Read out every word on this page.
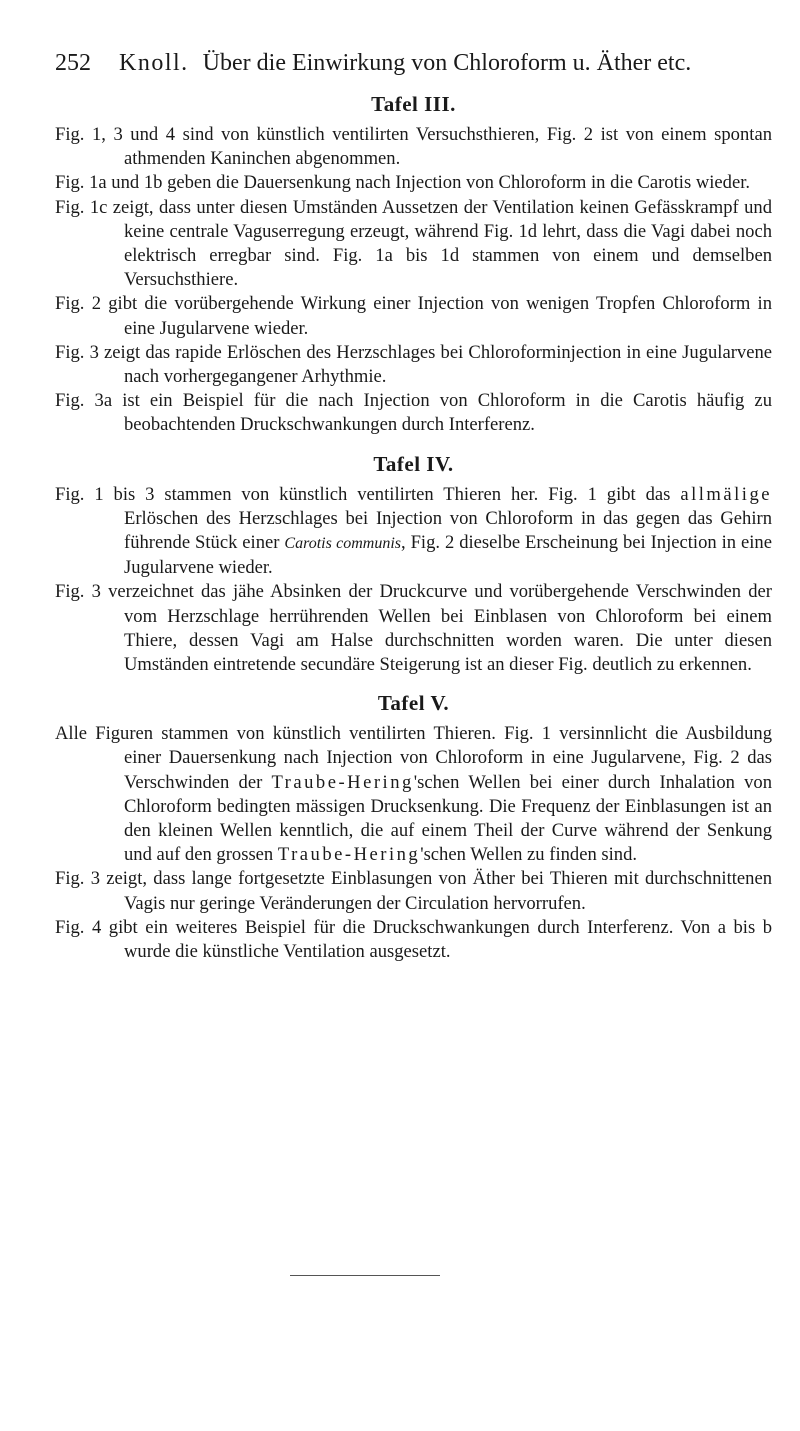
252 Knoll. Über die Einwirkung von Chloroform u. Äther etc.
Tafel III.
Fig. 1, 3 und 4 sind von künstlich ventilirten Versuchsthieren, Fig. 2 ist von einem spontan athmenden Kaninchen abgenommen.
Fig. 1a und 1b geben die Dauersenkung nach Injection von Chloroform in die Carotis wieder.
Fig. 1c zeigt, dass unter diesen Umständen Aussetzen der Ventilation keinen Gefässkrampf und keine centrale Vaguserregung erzeugt, während Fig. 1d lehrt, dass die Vagi dabei noch elektrisch erregbar sind. Fig. 1a bis 1d stammen von einem und demselben Versuchsthiere.
Fig. 2 gibt die vorübergehende Wirkung einer Injection von wenigen Tropfen Chloroform in eine Jugularvene wieder.
Fig. 3 zeigt das rapide Erlöschen des Herzschlages bei Chloroforminjection in eine Jugularvene nach vorhergegangener Arhythmie.
Fig. 3a ist ein Beispiel für die nach Injection von Chloroform in die Carotis häufig zu beobachtenden Druckschwankungen durch Interferenz.
Tafel IV.
Fig. 1 bis 3 stammen von künstlich ventilirten Thieren her. Fig. 1 gibt das allmälige Erlöschen des Herzschlages bei Injection von Chloroform in das gegen das Gehirn führende Stück einer Carotis communis, Fig. 2 dieselbe Erscheinung bei Injection in eine Jugularvene wieder.
Fig. 3 verzeichnet das jähe Absinken der Druckcurve und vorübergehende Verschwinden der vom Herzschlage herrührenden Wellen bei Einblasen von Chloroform bei einem Thiere, dessen Vagi am Halse durchschnitten worden waren. Die unter diesen Umständen eintretende secundäre Steigerung ist an dieser Fig. deutlich zu erkennen.
Tafel V.
Alle Figuren stammen von künstlich ventilirten Thieren. Fig. 1 versinnlicht die Ausbildung einer Dauersenkung nach Injection von Chloroform in eine Jugularvene, Fig. 2 das Verschwinden der Traube-Hering'schen Wellen bei einer durch Inhalation von Chloroform bedingten mässigen Drucksenkung. Die Frequenz der Einblasungen ist an den kleinen Wellen kenntlich, die auf einem Theil der Curve während der Senkung und auf den grossen Traube-Hering'schen Wellen zu finden sind.
Fig. 3 zeigt, dass lange fortgesetzte Einblasungen von Äther bei Thieren mit durchschnittenen Vagis nur geringe Veränderungen der Circulation hervorrufen.
Fig. 4 gibt ein weiteres Beispiel für die Druckschwankungen durch Interferenz. Von a bis b wurde die künstliche Ventilation ausgesetzt.
